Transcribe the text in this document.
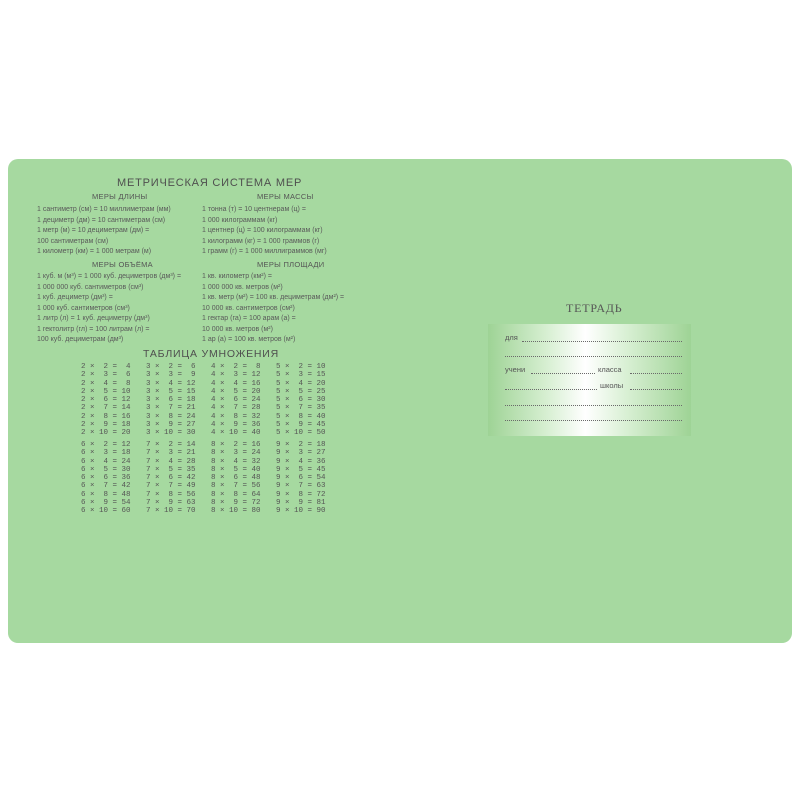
МЕТРИЧЕСКАЯ СИСТЕМА МЕР
МЕРЫ ДЛИНЫ
1 сантиметр (см) = 10 миллиметрам (мм)
1 дециметр (дм) = 10 сантиметрам (см)
1 метр (м) = 10 дециметрам (дм) =
100 сантиметрам (см)
1 километр (км) = 1 000 метрам (м)
МЕРЫ МАССЫ
1 тонна (т) = 10 центнерам (ц) =
1 000 килограммам (кг)
1 центнер (ц) = 100 килограммам (кг)
1 килограмм (кг) = 1 000 граммов (г)
1 грамм (г) = 1 000 миллиграммов (мг)
МЕРЫ ОБЪЁМА
1 куб. м (м³) = 1 000 куб. дециметров (дм³) =
1 000 000 куб. сантиметров (см³)
1 куб. дециметр (дм³) =
1 000 куб. сантиметров (см³)
1 литр (л) = 1 куб. дециметру (дм³)
1 гектолитр (гл) = 100 литрам (л) =
100 куб. дециметрам (дм³)
МЕРЫ ПЛОЩАДИ
1 кв. километр (км²) =
1 000 000 кв. метров (м²)
1 кв. метр (м²) = 100 кв. дециметрам (дм²) =
10 000 кв. сантиметров (см²)
1 гектар (га) = 100 арам (а) =
10 000 кв. метров (м²)
1 ар (а) = 100 кв. метров (м²)
ТАБЛИЦА УМНОЖЕНИЯ
2 ×  2 =  4
2 ×  3 =  6
2 ×  4 =  8
2 ×  5 = 10
2 ×  6 = 12
2 ×  7 = 14
2 ×  8 = 16
2 ×  9 = 18
2 × 10 = 20
3 ×  2 =  6
3 ×  3 =  9
3 ×  4 = 12
3 ×  5 = 15
3 ×  6 = 18
3 ×  7 = 21
3 ×  8 = 24
3 ×  9 = 27
3 × 10 = 30
4 ×  2 =  8
4 ×  3 = 12
4 ×  4 = 16
4 ×  5 = 20
4 ×  6 = 24
4 ×  7 = 28
4 ×  8 = 32
4 ×  9 = 36
4 × 10 = 40
5 ×  2 = 10
5 ×  3 = 15
5 ×  4 = 20
5 ×  5 = 25
5 ×  6 = 30
5 ×  7 = 35
5 ×  8 = 40
5 ×  9 = 45
5 × 10 = 50
6 ×  2 = 12
6 ×  3 = 18
6 ×  4 = 24
6 ×  5 = 30
6 ×  6 = 36
6 ×  7 = 42
6 ×  8 = 48
6 ×  9 = 54
6 × 10 = 60
7 ×  2 = 14
7 ×  3 = 21
7 ×  4 = 28
7 ×  5 = 35
7 ×  6 = 42
7 ×  7 = 49
7 ×  8 = 56
7 ×  9 = 63
7 × 10 = 70
8 ×  2 = 16
8 ×  3 = 24
8 ×  4 = 32
8 ×  5 = 40
8 ×  6 = 48
8 ×  7 = 56
8 ×  8 = 64
8 ×  9 = 72
8 × 10 = 80
9 ×  2 = 18
9 ×  3 = 27
9 ×  4 = 36
9 ×  5 = 45
9 ×  6 = 54
9 ×  7 = 63
9 ×  8 = 72
9 ×  9 = 81
9 × 10 = 90
ТЕТРАДЬ
для
учени	класса
школы
